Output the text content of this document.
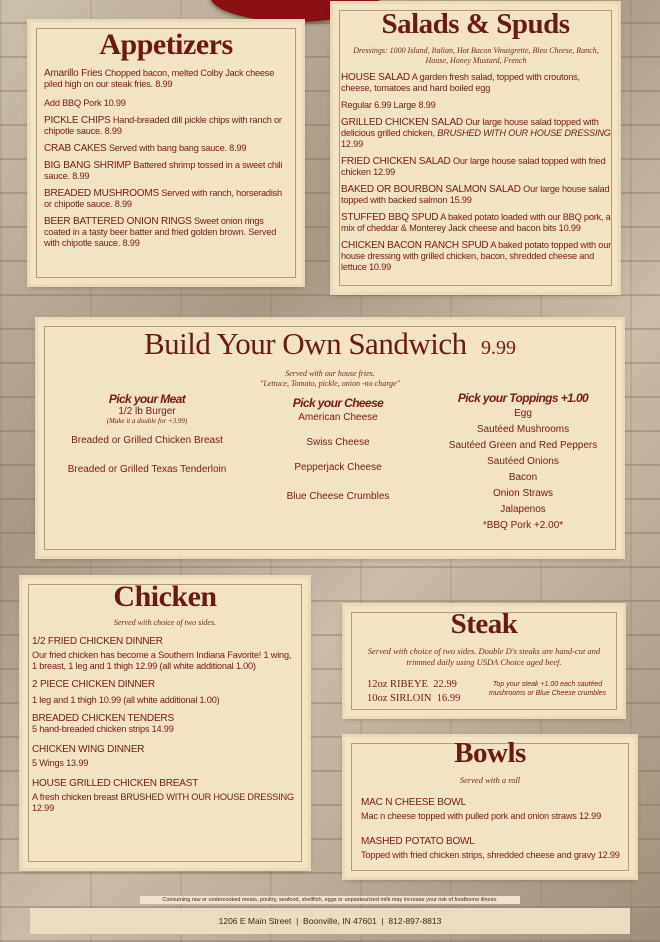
Appetizers

Amarillo Fries Chopped bacon, melted Colby Jack cheese piled high on our steak fries. 8.99
Add BBQ Pork 10.99

PICKLE CHIPS Hand-breaded dill pickle chips with ranch or chipotle sauce. 8.99

CRAB CAKES Served with bang bang sauce. 8.99

BIG BANG SHRIMP Battered shrimp tossed in a sweet chili sauce. 8.99

BREADED MUSHROOMS Served with ranch, horseradish or chipotle sauce. 8.99

BEER BATTERED ONION RINGS Sweet onion rings coated in a tasty beer batter and fried golden brown. Served with chipotle sauce. 8.99

Salads & Spuds
Dressings: 1000 Island, Italian, Hot Bacon Vinaigrette, Bleu Cheese, Ranch, House, Honey Mustard, French

HOUSE SALAD A garden fresh salad, topped with croutons, cheese, tomatoes and hard boiled egg
Regular 6.99 Large 8.99

GRILLED CHICKEN SALAD Our large house salad topped with delicious grilled chicken, BRUSHED WITH OUR HOUSE DRESSING 12.99

FRIED CHICKEN SALAD Our large house salad topped with fried chicken 12.99

BAKED OR BOURBON SALMON SALAD Our large house salad topped with backed salmon 15.99

STUFFED BBQ SPUD A baked potato loaded with our BBQ pork, a mix of cheddar & Monterey Jack cheese and bacon bits 10.99

CHICKEN BACON RANCH SPUD A baked potato topped with our house dressing with grilled chicken, bacon, shredded cheese and lettuce 10.99

Build Your Own Sandwich 9.99
Served with our house fries.
"Lettuce, Tomato, pickle, onion -no charge"
Pick your Meat
1/2 lb Burger
(Make it a double for +3.99)
Breaded or Grilled Chicken Breast
Breaded or Grilled Texas Tenderloin
Pick your Cheese
American Cheese
Swiss Cheese
Pepperjack Cheese
Blue Cheese Crumbles
Pick your Toppings +1.00
Egg
Sautéed Mushrooms
Sautéed Green and Red Peppers
Sautéed Onions
Bacon
Onion Straws
Jalapenos
*BBQ Pork +2.00*
Chicken
Served with choice of two sides.

1/2 FRIED CHICKEN DINNER
Our fried chicken has become a Southern Indiana Favorite! 1 wing, 1 breast, 1 leg and 1 thigh 12.99 (all white additional 1.00)

2 PIECE CHICKEN DINNER
1 leg and 1 thigh 10.99 (all white additional 1.00)

BREADED CHICKEN TENDERS
5 hand-breaded chicken strips 14.99

CHICKEN WING DINNER
5 Wings 13.99

HOUSE GRILLED CHICKEN BREAST
A fresh chicken breast BRUSHED WITH OUR HOUSE DRESSING 12.99

Steak
Served with choice of two sides. Double D's steaks are hand-cut and trimmed daily using USDA Choice aged beef.
12oz RIBEYE 22.99
10oz SIRLOIN 16.99
Top your steak +1.00 each sautéed mushrooms or Blue Cheese crumbles
Bowls
Served with a roll

MAC N CHEESE BOWL
Mac n cheese topped with pulled pork and onion straws 12.99

MASHED POTATO BOWL
Topped with fried chicken strips, shredded cheese and gravy 12.99

Consuming raw or undercooked meats, poultry, seafood, shellfish, eggs or unpasteurized milk may increase your risk of foodborne illness.
1206 E Main Street  |  Boonville, IN 47601  |  812-897-8813
